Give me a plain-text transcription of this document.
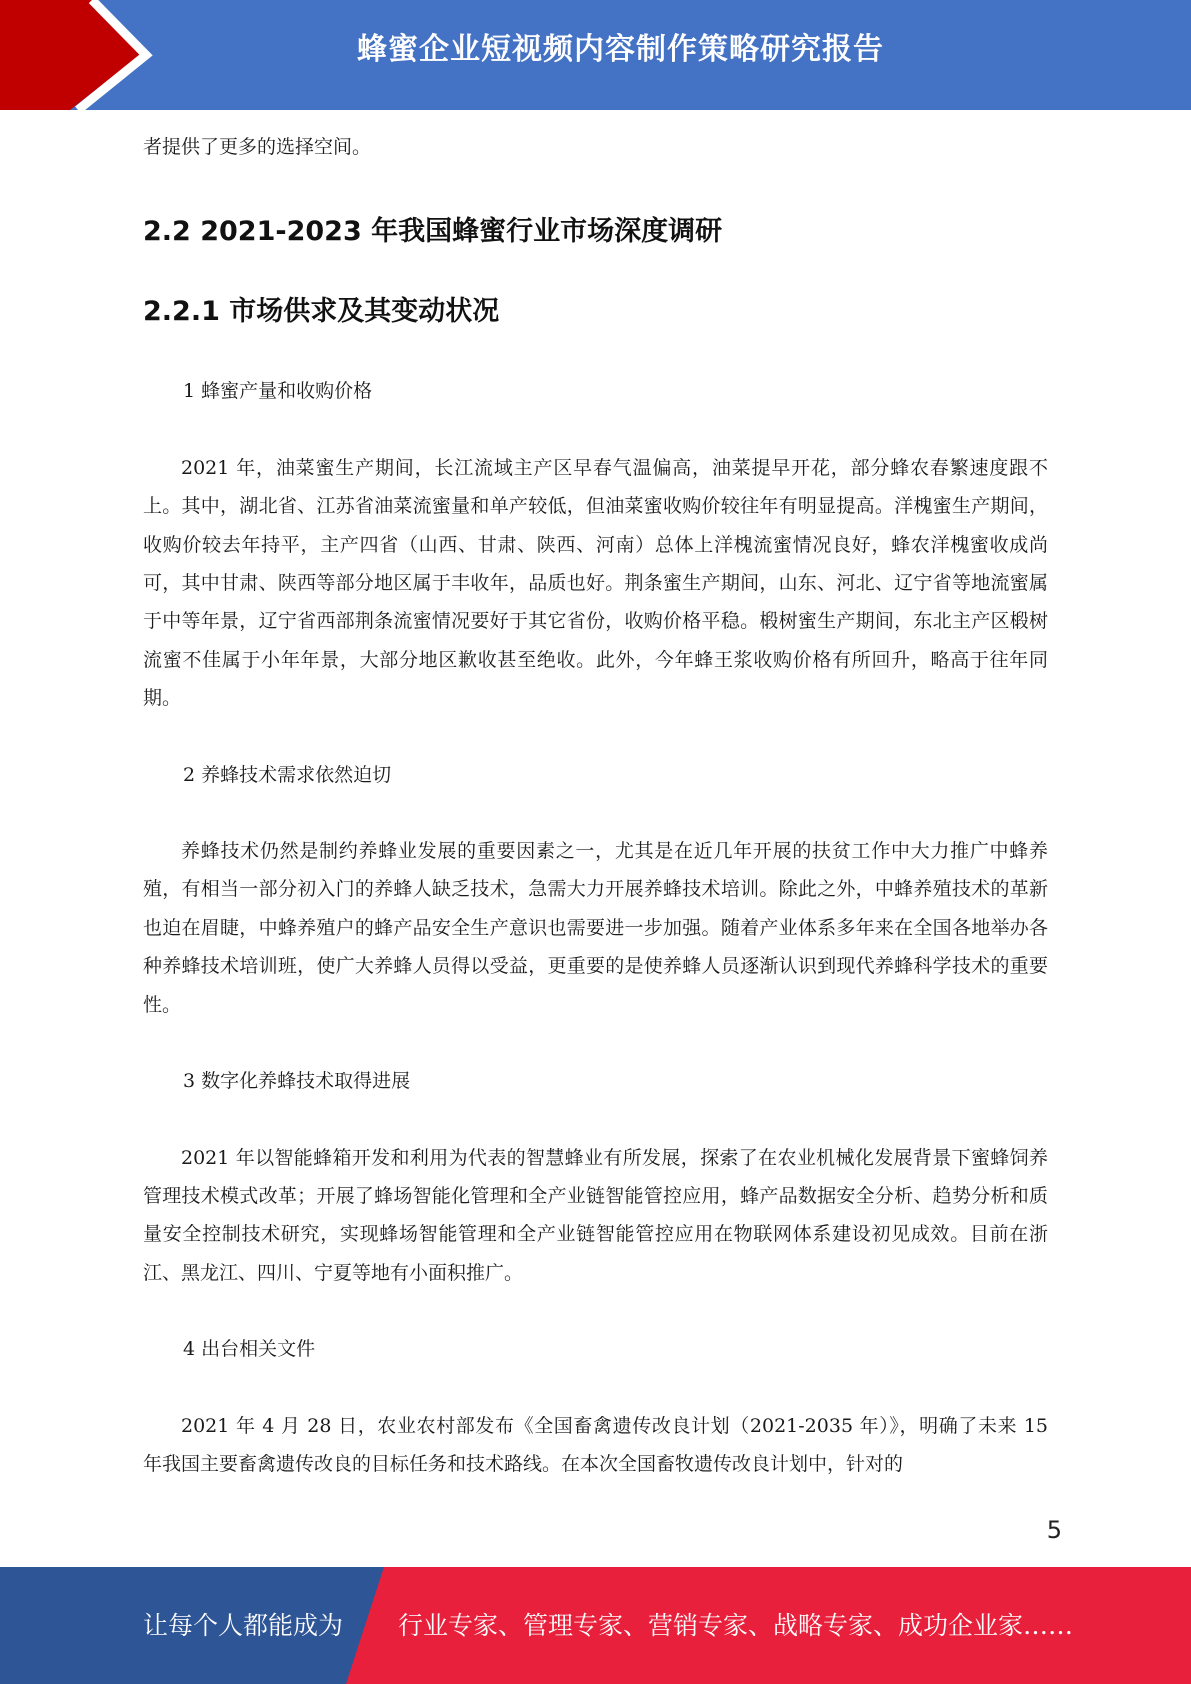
蜂蜜企业短视频内容制作策略研究报告

者提供了更多的选择空间。

2.2 2021-2023 年我国蜂蜜行业市场深度调研
2.2.1 市场供求及其变动状况

1 蜂蜜产量和收购价格

2021 年，油菜蜜生产期间，长江流域主产区早春气温偏高，油菜提早开花，部分蜂农春繁速度跟不上。其中，湖北省、江苏省油菜流蜜量和单产较低，但油菜蜜收购价较往年有明显提高。洋槐蜜生产期间，收购价较去年持平，主产四省（山西、甘肃、陕西、河南）总体上洋槐流蜜情况良好，蜂农洋槐蜜收成尚可，其中甘肃、陕西等部分地区属于丰收年，品质也好。荆条蜜生产期间，山东、河北、辽宁省等地流蜜属于中等年景，辽宁省西部荆条流蜜情况要好于其它省份，收购价格平稳。椴树蜜生产期间，东北主产区椴树流蜜不佳属于小年年景，大部分地区歉收甚至绝收。此外，今年蜂王浆收购价格有所回升，略高于往年同期。

2 养蜂技术需求依然迫切

养蜂技术仍然是制约养蜂业发展的重要因素之一，尤其是在近几年开展的扶贫工作中大力推广中蜂养殖，有相当一部分初入门的养蜂人缺乏技术，急需大力开展养蜂技术培训。除此之外，中蜂养殖技术的革新也迫在眉睫，中蜂养殖户的蜂产品安全生产意识也需要进一步加强。随着产业体系多年来在全国各地举办各种养蜂技术培训班，使广大养蜂人员得以受益，更重要的是使养蜂人员逐渐认识到现代养蜂科学技术的重要性。

3 数字化养蜂技术取得进展

2021 年以智能蜂箱开发和利用为代表的智慧蜂业有所发展，探索了在农业机械化发展背景下蜜蜂饲养管理技术模式改革；开展了蜂场智能化管理和全产业链智能管控应用，蜂产品数据安全分析、趋势分析和质量安全控制技术研究，实现蜂场智能管理和全产业链智能管控应用在物联网体系建设初见成效。目前在浙江、黑龙江、四川、宁夏等地有小面积推广。

4 出台相关文件

2021 年 4 月 28 日，农业农村部发布《全国畜禽遗传改良计划（2021-2035 年）》，明确了未来 15 年我国主要畜禽遗传改良的目标任务和技术路线。在本次全国畜牧遗传改良计划中，针对的

5
让每个人都能成为 行业专家、管理专家、营销专家、战略专家、成功企业家……
